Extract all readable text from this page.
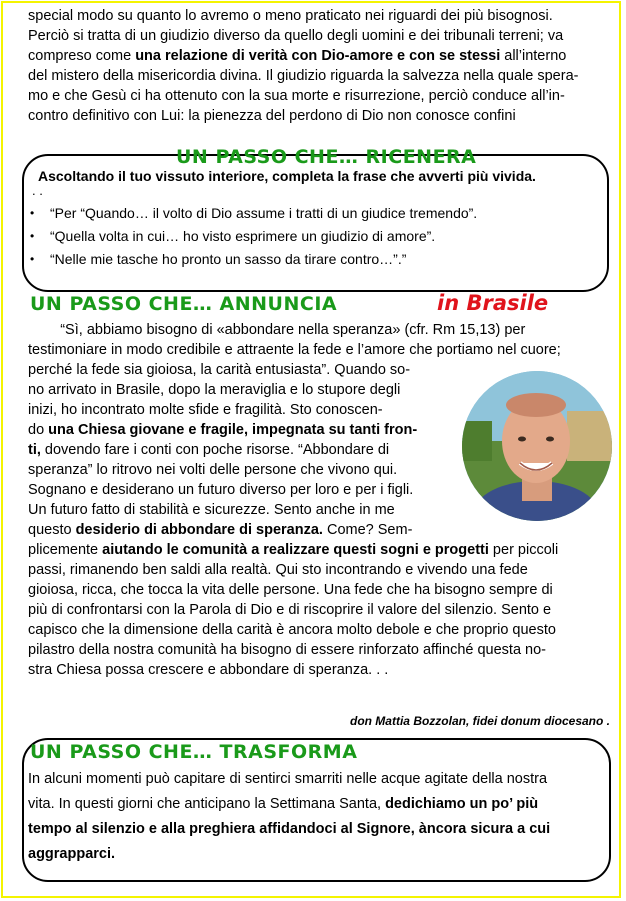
special modo su quanto lo avremo o meno praticato nei riguardi dei più bisognosi.
Perciò si tratta di un giudizio diverso da quello degli uomini e dei tribunali terreni; va
compreso come una relazione di verità con Dio-amore e con se stessi all’interno
del mistero della misericordia divina. Il giudizio riguarda la salvezza nella quale spera-
mo e che Gesù ci ha ottenuto con la sua morte e risurrezione, perciò conduce all’in-
contro definitivo con Lui: la pienezza del perdono di Dio non conosce confini
UN PASSO CHE… RICENERA
Ascoltando il tuo vissuto interiore, completa la frase che avverti più vivida.
. .
• “Per “Quando… il volto di Dio assume i tratti di un giudice tremendo”.
• “Quella volta in cui… ho visto esprimere un giudizio di amore”.
• “Nelle mie tasche ho pronto un sasso da tirare contro…”.”
UN PASSO CHE… ANNUNCIA	in Brasile
“Sì, abbiamo bisogno di «abbondare nella speranza» (cfr. Rm 15,13) per
testimoniare in modo credibile e attraente la fede e l’amore che portiamo nel cuore;
perché la fede sia gioiosa, la carità entusiasta”. Quando so-
no arrivato in Brasile, dopo la meraviglia e lo stupore degli
inizi, ho incontrato molte sfide e fragilità. Sto conoscen-
do una Chiesa giovane e fragile, impegnata su tanti fron-
ti, dovendo fare i conti con poche risorse. “Abbondare di
speranza” lo ritrovo nei volti delle persone che vivono qui.
Sognano e desiderano un futuro diverso per loro e per i figli.
Un futuro fatto di stabilità e sicurezze. Sento anche in me
questo desiderio di abbondare di speranza. Come? Sem-
plicemente aiutando le comunità a realizzare questi sogni e progetti per piccoli
passi, rimanendo ben saldi alla realtà. Qui sto incontrando e vivendo una fede
gioiosa, ricca, che tocca la vita delle persone. Una fede che ha bisogno sempre di
più di confrontarsi con la Parola di Dio e di riscoprire il valore del silenzio. Sento e
capisco che la dimensione della carità è ancora molto debole e che proprio questo
pilastro della nostra comunità ha bisogno di essere rinforzato affinché questa no-
stra Chiesa possa crescere e abbondare di speranza. . .
don Mattia Bozzolan, fidei donum diocesano .
UN PASSO CHE… TRASFORMA
In alcuni momenti può capitare di sentirci smarriti nelle acque agitate della nostra
vita. In questi giorni che anticipano la Settimana Santa, dedichiamo un po’ più
tempo al silenzio e alla preghiera affidandoci al Signore, àncora sicura a cui
aggrapparci.
